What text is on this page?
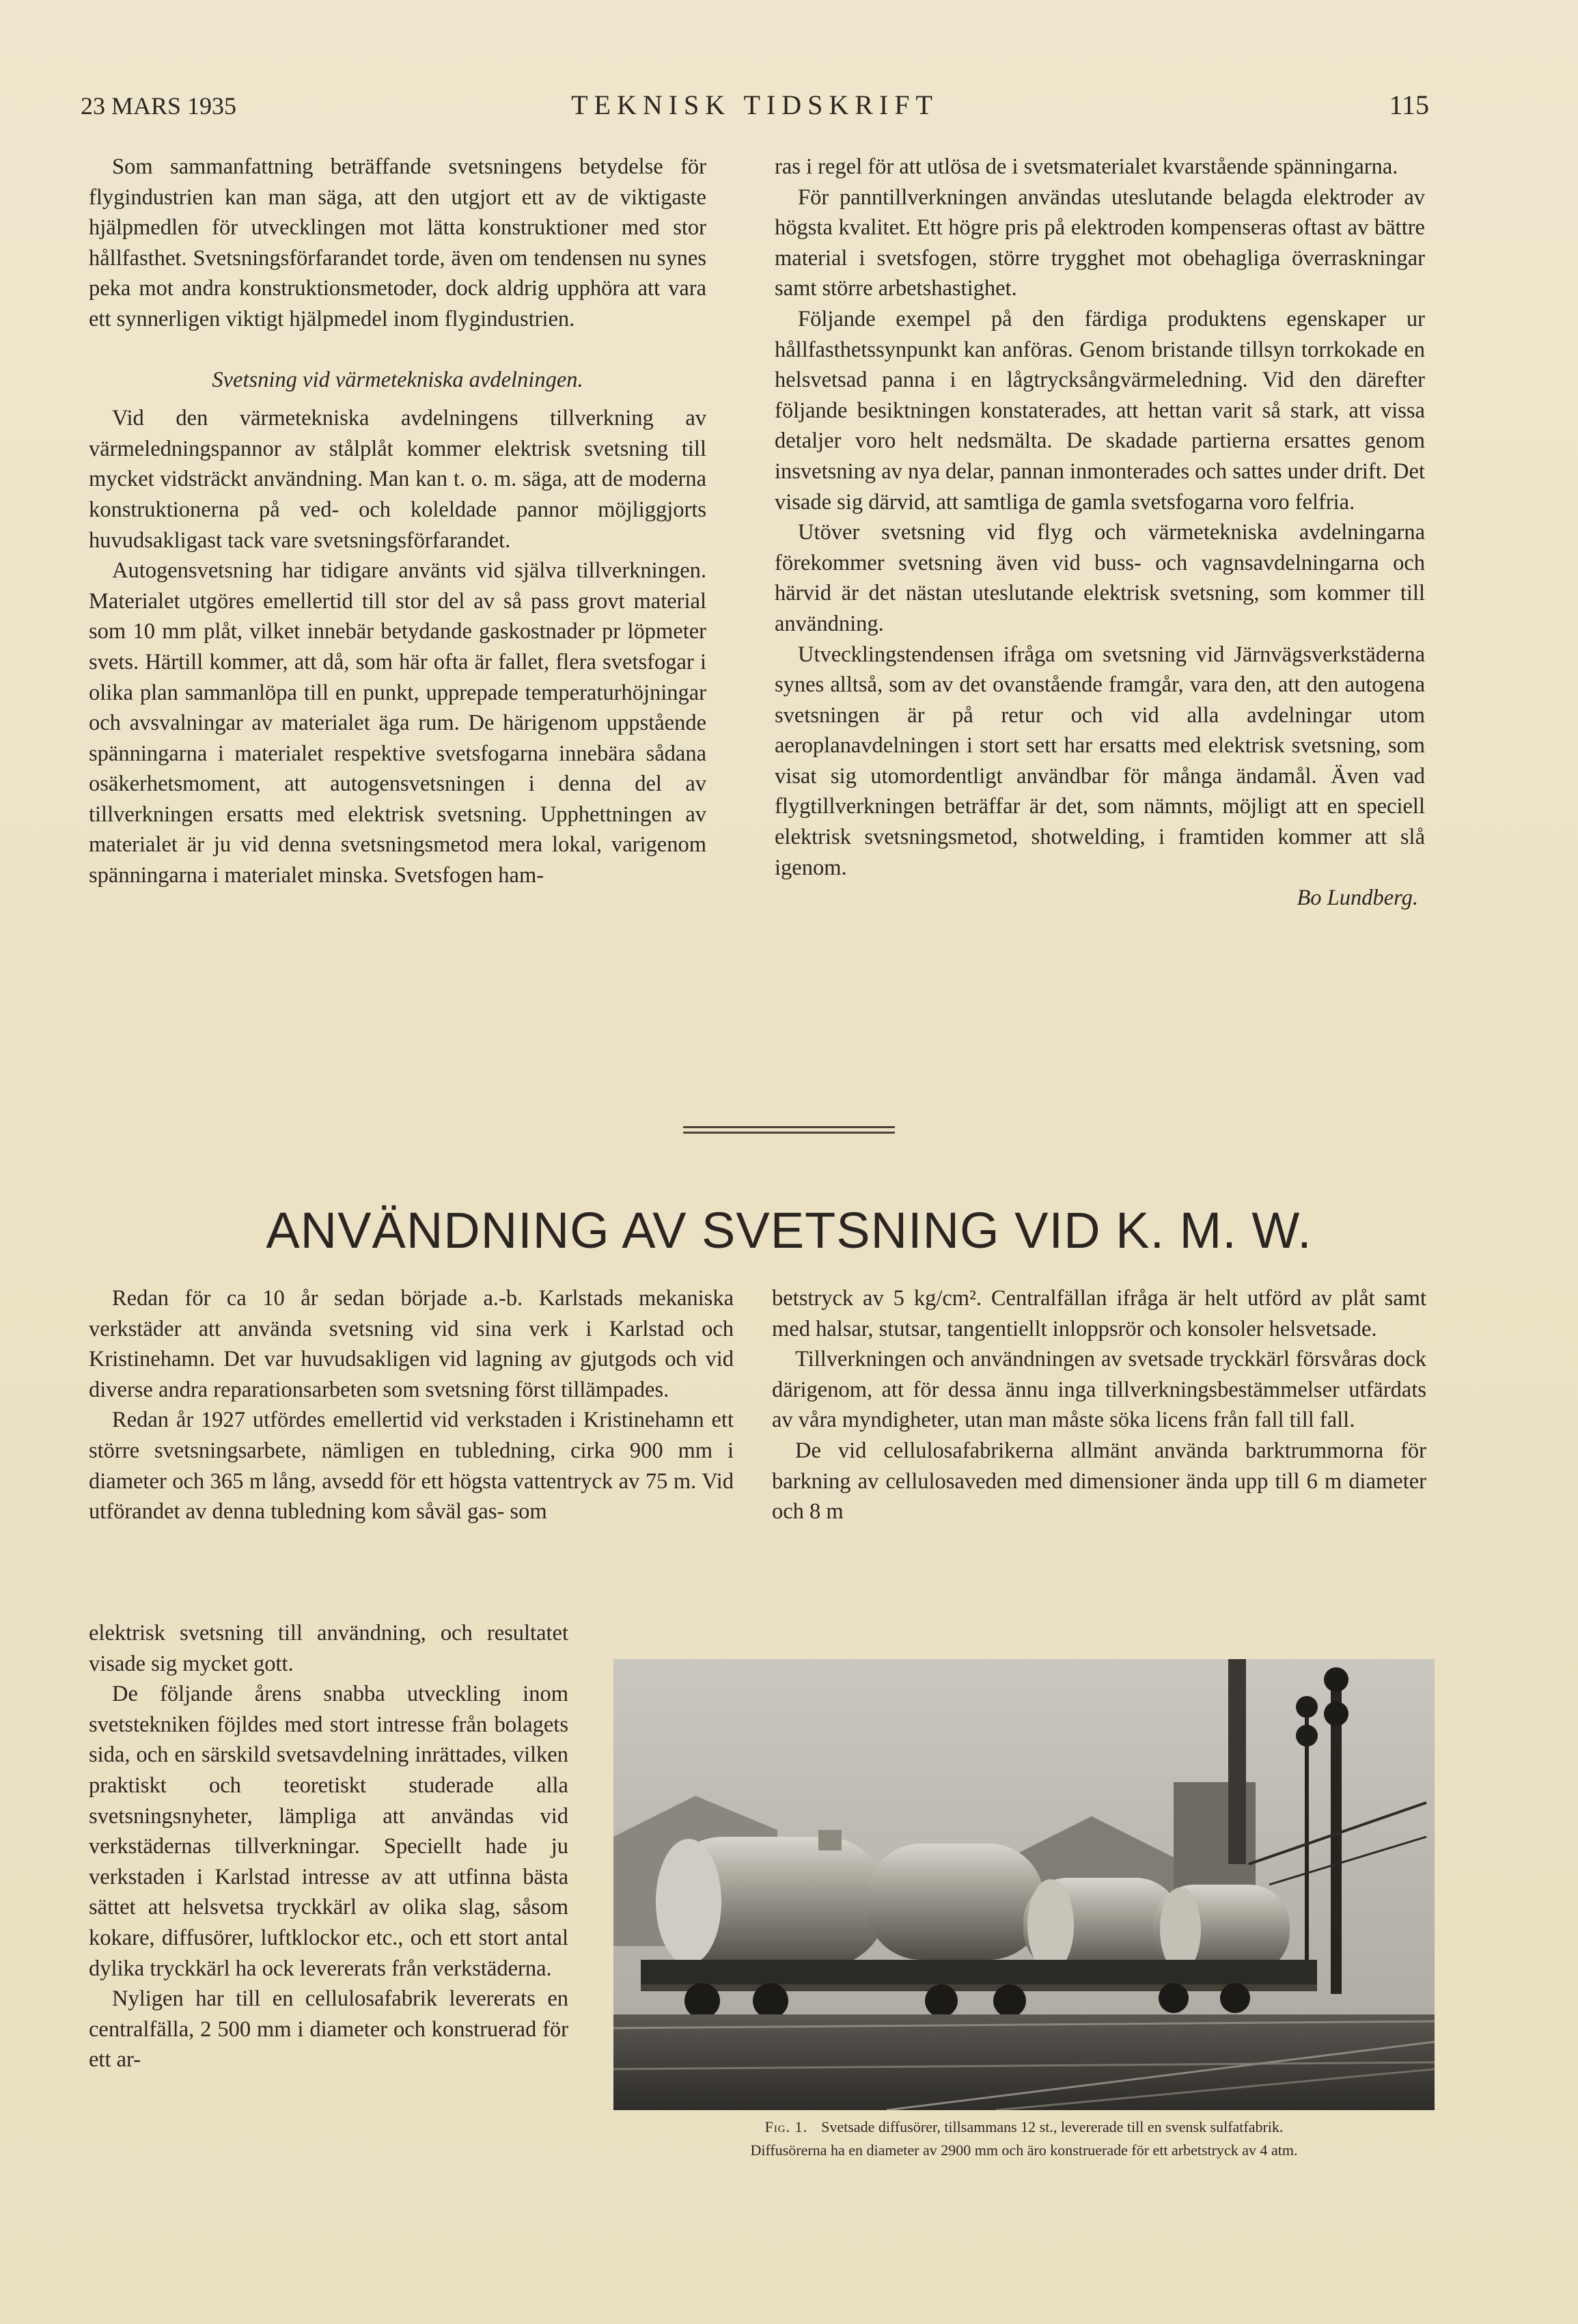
23 MARS 1935	TEKNISK TIDSKRIFT	115

Som sammanfattning beträffande svetsningens betydelse för flygindustrien kan man säga, att den utgjort ett av de viktigaste hjälpmedlen för utvecklingen mot lätta konstruktioner med stor hållfasthet. Svetsningsförfarandet torde, även om tendensen nu synes peka mot andra konstruktionsmetoder, dock aldrig upphöra att vara ett synnerligen viktigt hjälpmedel inom flygindustrien.

Svetsning vid värmetekniska avdelningen.

Vid den värmetekniska avdelningens tillverkning av värmeledningspannor av stålplåt kommer elektrisk svetsning till mycket vidsträckt användning. Man kan t. o. m. säga, att de moderna konstruktionerna på ved- och koleldade pannor möjliggjorts huvudsakligast tack vare svetsningsförfarandet.

Autogensvetsning har tidigare använts vid själva tillverkningen. Materialet utgöres emellertid till stor del av så pass grovt material som 10 mm plåt, vilket innebär betydande gaskostnader pr löpmeter svets. Härtill kommer, att då, som här ofta är fallet, flera svetsfogar i olika plan sammanlöpa till en punkt, upprepade temperaturhöjningar och avsvalningar av materialet äga rum. De härigenom uppstående spänningarna i materialet respektive svetsfogarna innebära sådana osäkerhetsmoment, att autogensvetsningen i denna del av tillverkningen ersatts med elektrisk svetsning. Upphettningen av materialet är ju vid denna svetsningsmetod mera lokal, varigenom spänningarna i materialet minska. Svetsfogen ham-

ras i regel för att utlösa de i svetsmaterialet kvarstående spänningarna.

För panntillverkningen användas uteslutande belagda elektroder av högsta kvalitet. Ett högre pris på elektroden kompenseras oftast av bättre material i svetsfogen, större trygghet mot obehagliga överraskningar samt större arbetshastighet.

Följande exempel på den färdiga produktens egenskaper ur hållfasthetssynpunkt kan anföras. Genom bristande tillsyn torrkokade en helsvetsad panna i en lågtrycksångvärmeledning. Vid den därefter följande besiktningen konstaterades, att hettan varit så stark, att vissa detaljer voro helt nedsmälta. De skadade partierna ersattes genom insvetsning av nya delar, pannan inmonterades och sattes under drift. Det visade sig därvid, att samtliga de gamla svetsfogarna voro felfria.

Utöver svetsning vid flyg och värmetekniska avdelningarna förekommer svetsning även vid buss- och vagnsavdelningarna och härvid är det nästan uteslutande elektrisk svetsning, som kommer till användning.

Utvecklingstendensen ifråga om svetsning vid Järnvägsverkstäderna synes alltså, som av det ovanstående framgår, vara den, att den autogena svetsningen är på retur och vid alla avdelningar utom aeroplanavdelningen i stort sett har ersatts med elektrisk svetsning, som visat sig utomordentligt användbar för många ändamål. Även vad flygtillverkningen beträffar är det, som nämnts, möjligt att en speciell elektrisk svetsningsmetod, shotwelding, i framtiden kommer att slå igenom.

Bo Lundberg.

ANVÄNDNING AV SVETSNING VID K. M. W.

Redan för ca 10 år sedan började a.-b. Karlstads mekaniska verkstäder att använda svetsning vid sina verk i Karlstad och Kristinehamn. Det var huvudsakligen vid lagning av gjutgods och vid diverse andra reparationsarbeten som svetsning först tillämpades.

Redan år 1927 utfördes emellertid vid verkstaden i Kristinehamn ett större svetsningsarbete, nämligen en tubledning, cirka 900 mm i diameter och 365 m lång, avsedd för ett högsta vattentryck av 75 m. Vid utförandet av denna tubledning kom såväl gas- som

elektrisk svetsning till användning, och resultatet visade sig mycket gott.

De följande årens snabba utveckling inom svetstekniken föjldes med stort intresse från bolagets sida, och en särskild svetsavdelning inrättades, vilken praktiskt och teoretiskt studerade alla svetsningsnyheter, lämpliga att användas vid verkstädernas tillverkningar. Speciellt hade ju verkstaden i Karlstad intresse av att utfinna bästa sättet att helsvetsa tryckkärl av olika slag, såsom kokare, diffusörer, luftklockor etc., och ett stort antal dylika tryckkärl ha ock levererats från verkstäderna.

Nyligen har till en cellulosafabrik levererats en centralfälla, 2 500 mm i diameter och konstruerad för ett ar-

betstryck av 5 kg/cm². Centralfällan ifråga är helt utförd av plåt samt med halsar, stutsar, tangentiellt inloppsrör och konsoler helsvetsade.

Tillverkningen och användningen av svetsade tryckkärl försvåras dock därigenom, att för dessa ännu inga tillverkningsbestämmelser utfärdats av våra myndigheter, utan man måste söka licens från fall till fall.

De vid cellulosafabrikerna allmänt använda barktrummorna för barkning av cellulosaveden med dimensioner ända upp till 6 m diameter och 8 m

Fig. 1. Svetsade diffusörer, tillsammans 12 st., levererade till en svensk sulfatfabrik.
Diffusörerna ha en diameter av 2900 mm och äro konstruerade för ett arbetstryck av 4 atm.
